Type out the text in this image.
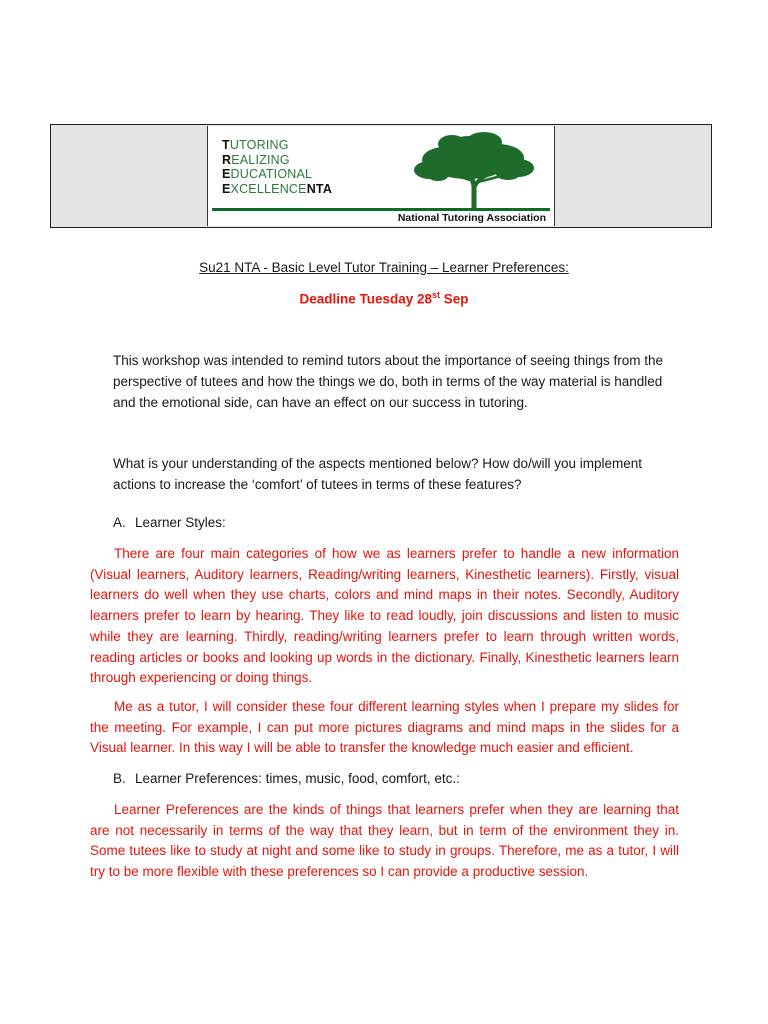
TUTORING
REALIZING
EDUCATIONAL
EXCELLENCENTA
National Tutoring Association
Su21 NTA - Basic Level Tutor Training – Learner Preferences:
Deadline Tuesday 28st Sep
This workshop was intended to remind tutors about the importance of seeing things from the perspective of tutees and how the things we do, both in terms of the way material is handled and the emotional side, can have an effect on our success in tutoring.
What is your understanding of the aspects mentioned below? How do/will you implement actions to increase the ‘comfort’ of tutees in terms of these features?
A. Learner Styles:
There are four main categories of how we as learners prefer to handle a new information (Visual learners, Auditory learners, Reading/writing learners, Kinesthetic learners). Firstly, visual learners do well when they use charts, colors and mind maps in their notes. Secondly, Auditory learners prefer to learn by hearing. They like to read loudly, join discussions and listen to music while they are learning. Thirdly, reading/writing learners prefer to learn through written words, reading articles or books and looking up words in the dictionary. Finally, Kinesthetic learners learn through experiencing or doing things.
Me as a tutor, I will consider these four different learning styles when I prepare my slides for the meeting. For example, I can put more pictures diagrams and mind maps in the slides for a Visual learner. In this way I will be able to transfer the knowledge much easier and efficient.
B. Learner Preferences: times, music, food, comfort, etc.:
Learner Preferences are the kinds of things that learners prefer when they are learning that are not necessarily in terms of the way that they learn, but in term of the environment they in. Some tutees like to study at night and some like to study in groups. Therefore, me as a tutor, I will try to be more flexible with these preferences so I can provide a productive session.
